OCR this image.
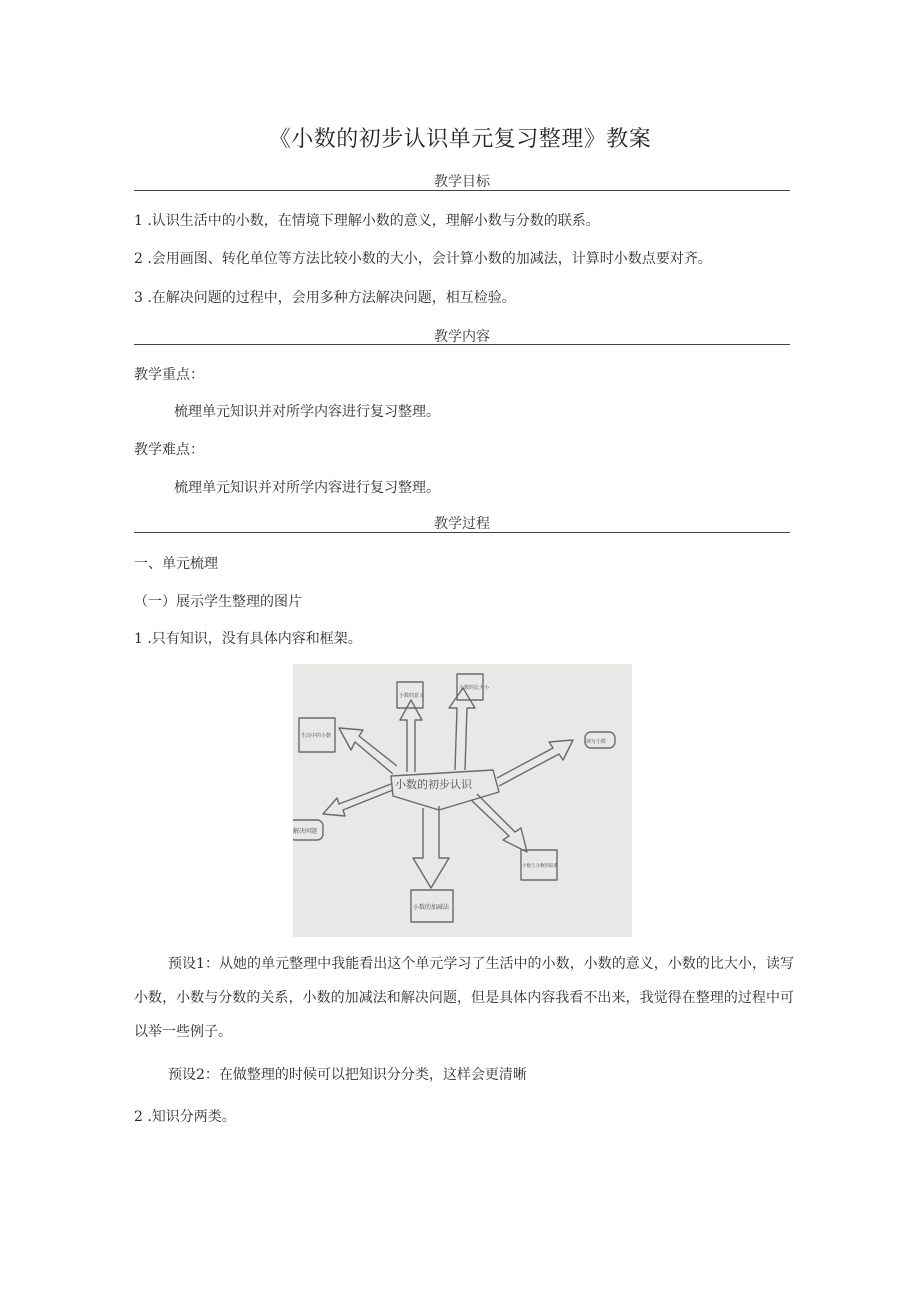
《小数的初步认识单元复习整理》教案
教学目标
1 .认识生活中的小数，在情境下理解小数的意义，理解小数与分数的联系。
2 .会用画图、转化单位等方法比较小数的大小，会计算小数的加减法，计算时小数点要对齐。
3 .在解决问题的过程中，会用多种方法解决问题，相互检验。
教学内容
教学重点：
梳理单元知识并对所学内容进行复习整理。
教学难点：
梳理单元知识并对所学内容进行复习整理。
教学过程
一、单元梳理
（一）展示学生整理的图片
1 .只有知识，没有具体内容和框架。
小数的初步认识
小数的意义
小数的比大小
生活中的小数
读写小数
解决问题
小数的加减法
小数与分数的联系
预设1：从她的单元整理中我能看出这个单元学习了生活中的小数，小数的意义，小数的比大小，读写小数，小数与分数的关系，小数的加减法和解决问题，但是具体内容我看不出来，我觉得在整理的过程中可以举一些例子。
预设2：在做整理的时候可以把知识分分类，这样会更清晰
2 .知识分两类。
